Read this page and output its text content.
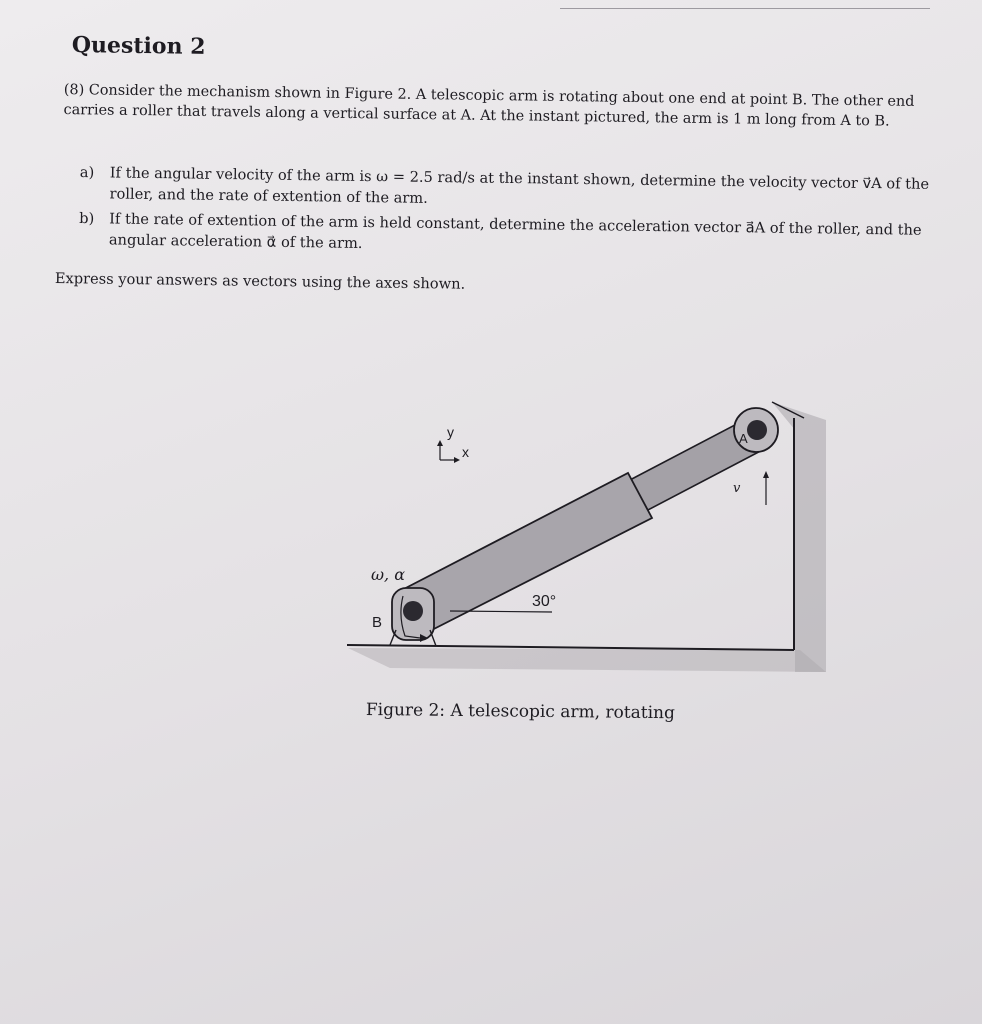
Question 2

(8) Consider the mechanism shown in Figure 2. A telescopic arm is rotating about one end at point B. The other end carries a roller that travels along a vertical surface at A. At the instant pictured, the arm is 1 m long from A to B.

a) If the angular velocity of the arm is ω = 2.5 rad/s at the instant shown, determine the velocity vector v⃗A of the roller, and the rate of extention of the arm.
b) If the rate of extention of the arm is held constant, determine the acceleration vector a⃗A of the roller, and the angular acceleration α⃗ of the arm.

Express your answers as vectors using the axes shown.

30°
y
x
ω, α
B
A
v

Figure 2: A telescopic arm, rotating
